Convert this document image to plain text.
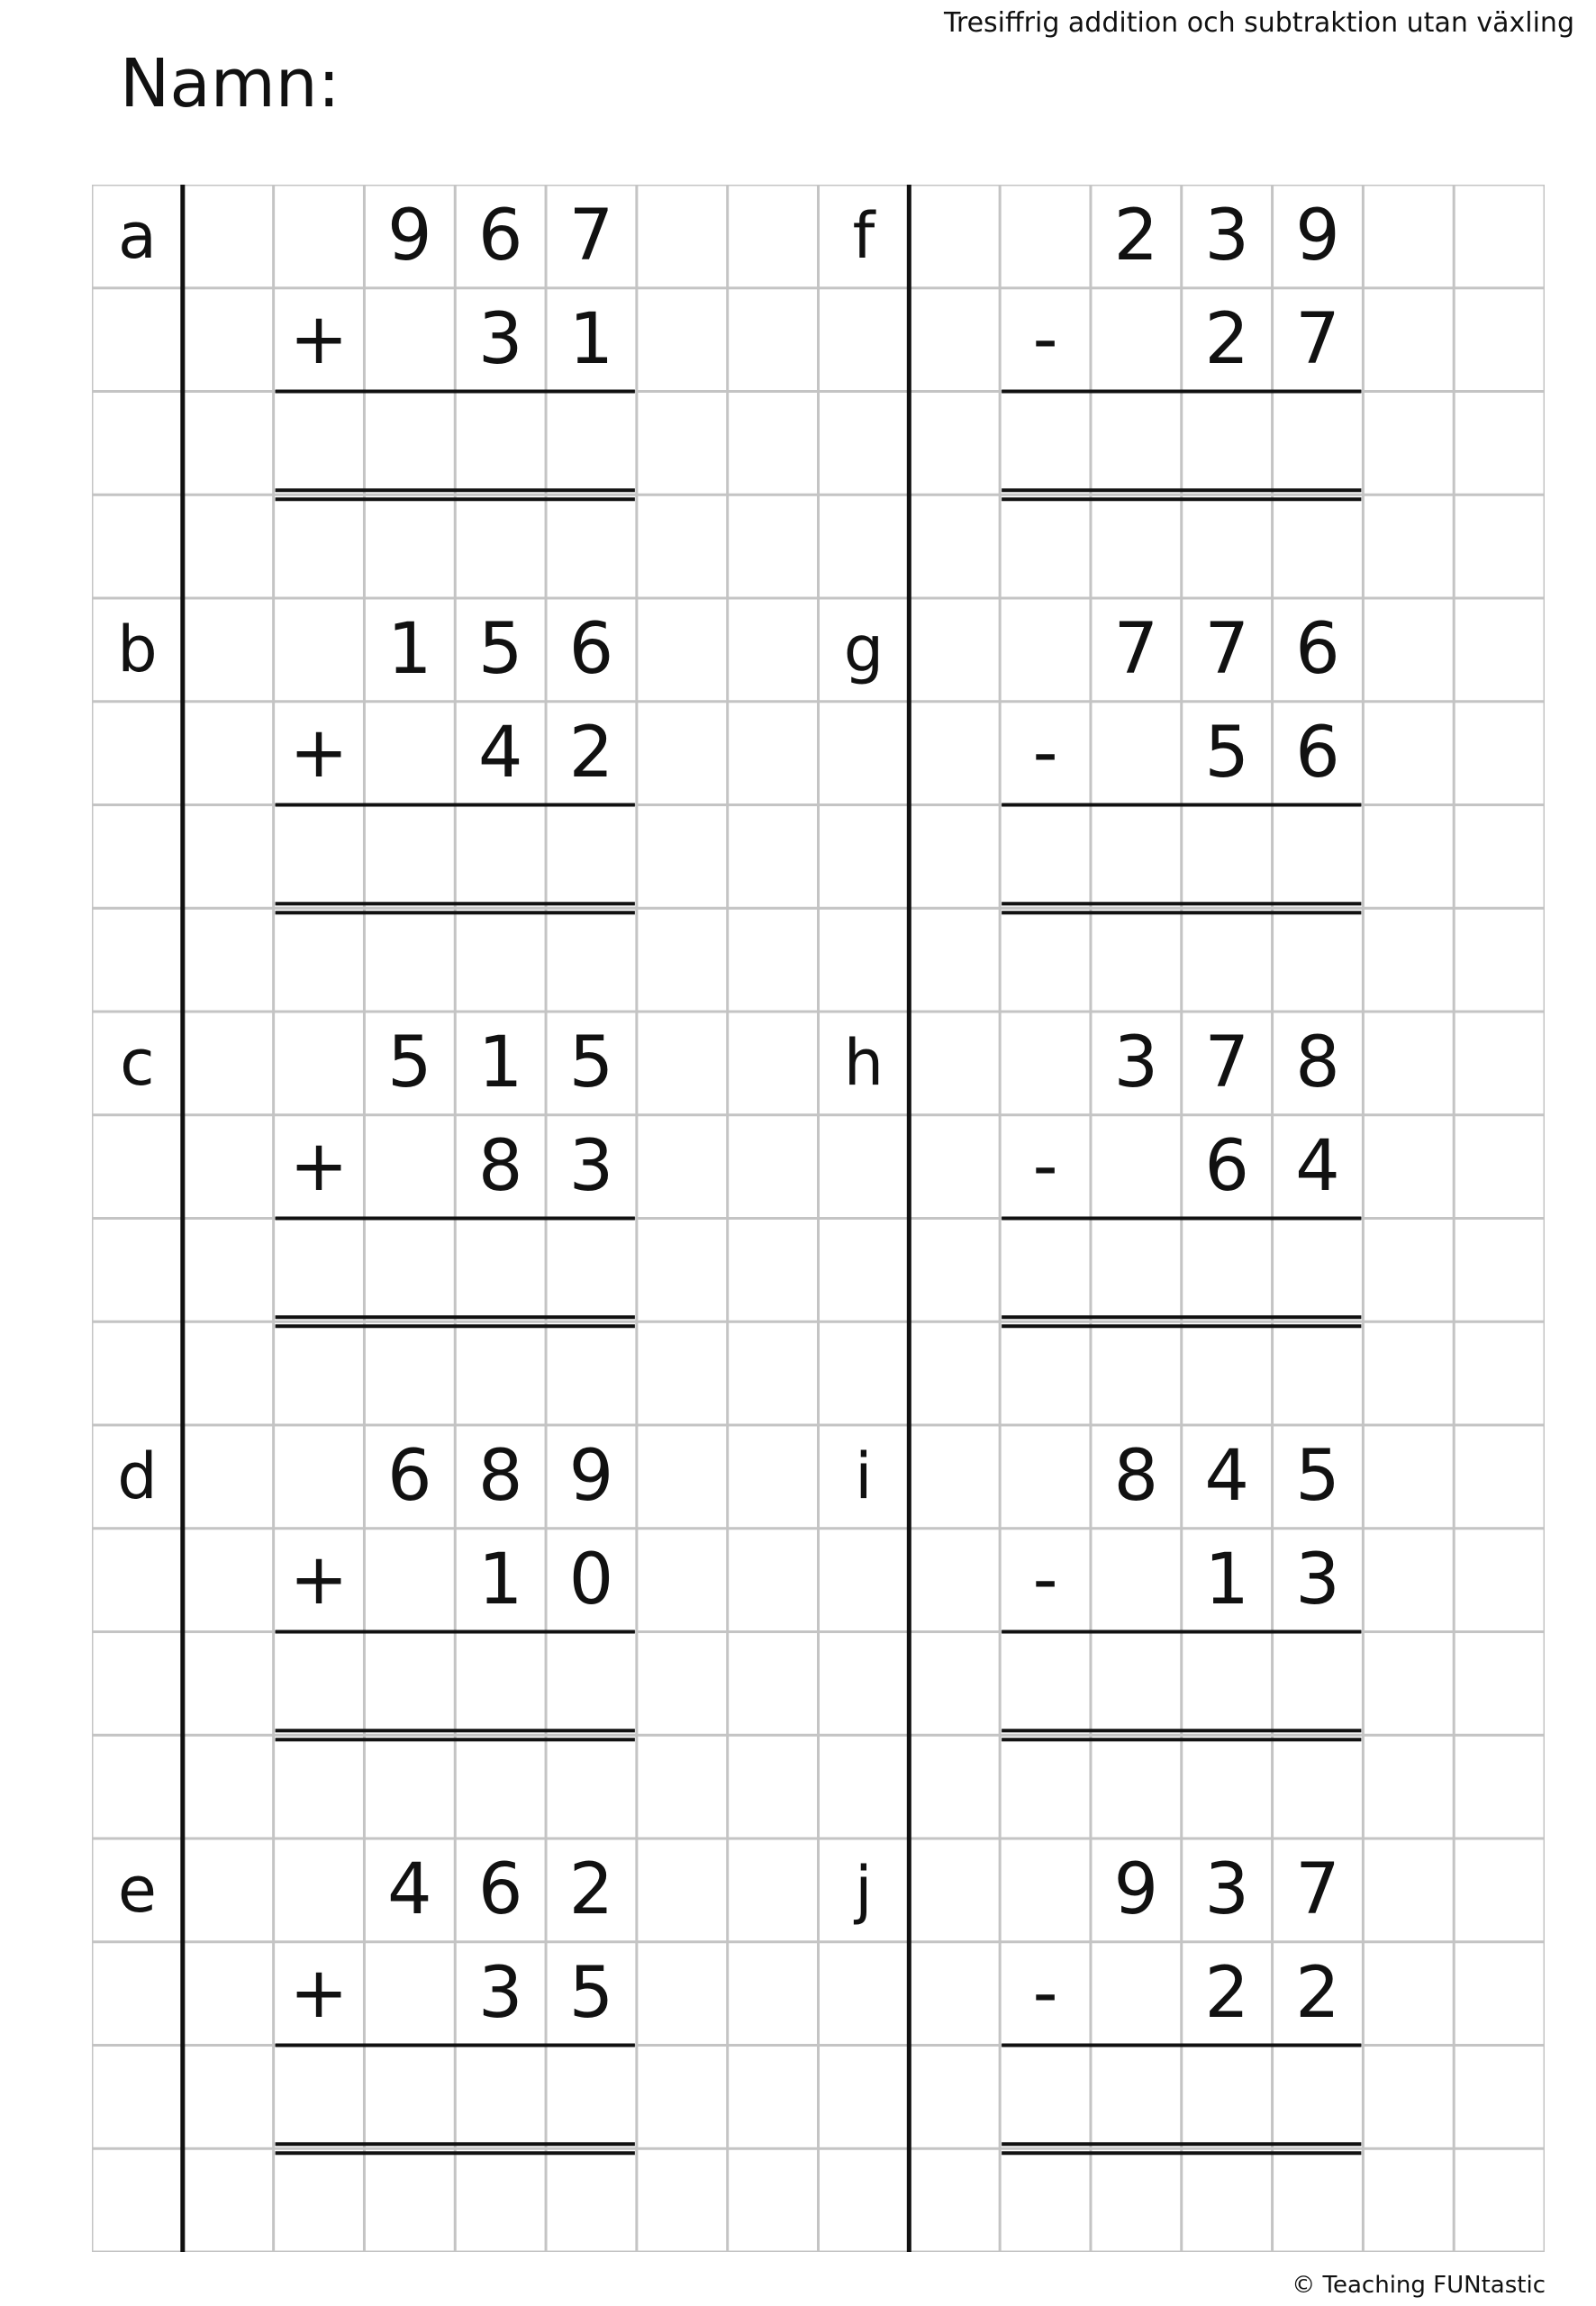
Tresiffrig addition och subtraktion utan växling
Namn:
a	9 6 7
+	3 1
b	1 5 6
+	4 2
c	5 1 5
+	8 3
d	6 8 9
+	1 0
e	4 6 2
+	3 5
f	2 3 9
-	2 7
g	7 7 6
-	5 6
h	3 7 8
-	6 4
i	8 4 5
-	1 3
j	9 3 7
-	2 2
© Teaching FUNtastic
